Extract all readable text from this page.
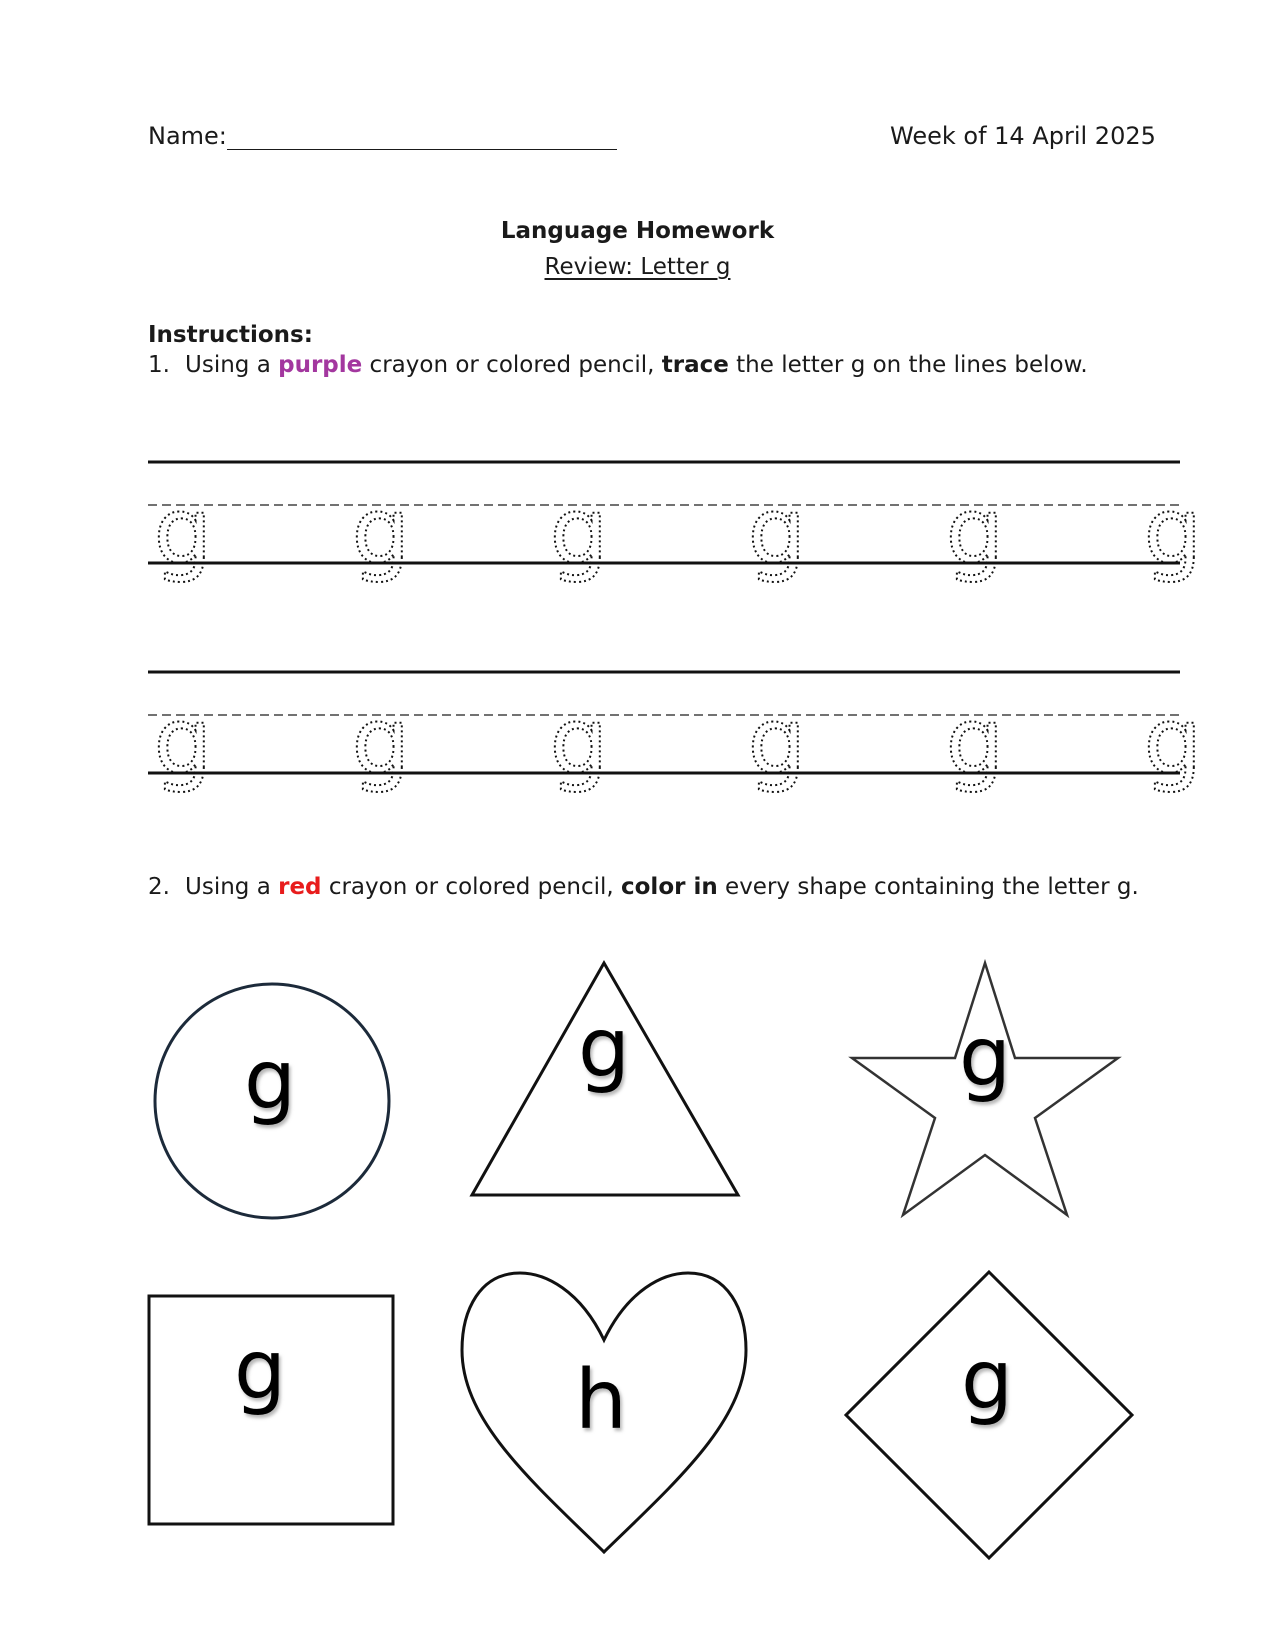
Name:	Week of 14 April 2025
Language Homework
Review: Letter g
Instructions:
1. Using a purple crayon or colored pencil, trace the letter g on the lines below.
g g g g g g
g g g g g g
2. Using a red crayon or colored pencil, color in every shape containing the letter g.
g	g	g
g	h	g
